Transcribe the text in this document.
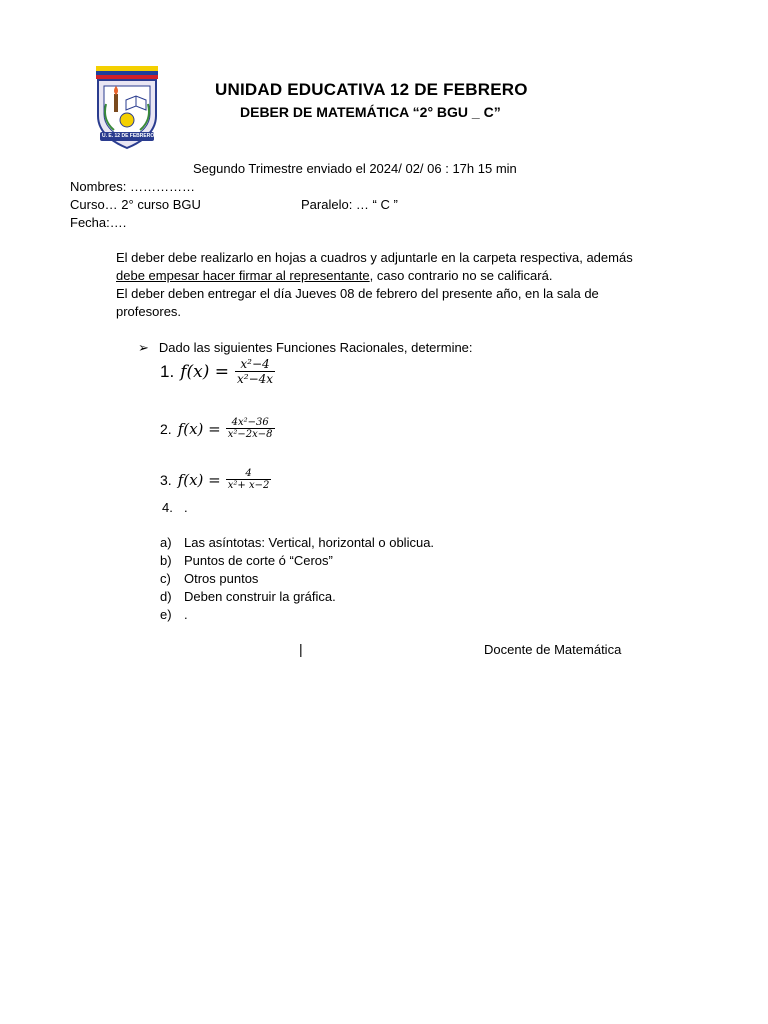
U. E. 12 DE FEBRERO
UNIDAD EDUCATIVA 12 DE FEBRERO
DEBER DE MATEMÁTICA “2° BGU _ C”
Segundo Trimestre enviado el 2024/ 02/ 06 : 17h 15 min
Nombres: ……………
Curso… 2° curso BGU	Paralelo: … “ C ”
Fecha:….
El deber debe realizarlo en hojas a cuadros y adjuntarle en la carpeta respectiva, además
debe empesar hacer firmar al representante, caso contrario no se calificará.
El deber deben entregar el día Jueves 08 de febrero del presente año, en la sala de
profesores.
➢ Dado las siguientes Funciones Racionales, determine:
1. $f(x) = \frac{\text{x²−4}}{\text{x²−4x}}$
2. $f(x) = \frac{\text{4x²−36}}{\text{x²−2x−8}}$
3. $f(x) = \frac{4}{\text{x²+ x−2}}$
4. .
a) Las asíntotas: Vertical, horizontal o oblicua.
b) Puntos de corte ó “Ceros”
c) Otros puntos
d) Deben construir la gráfica.
e) .
|	Docente de Matemática
